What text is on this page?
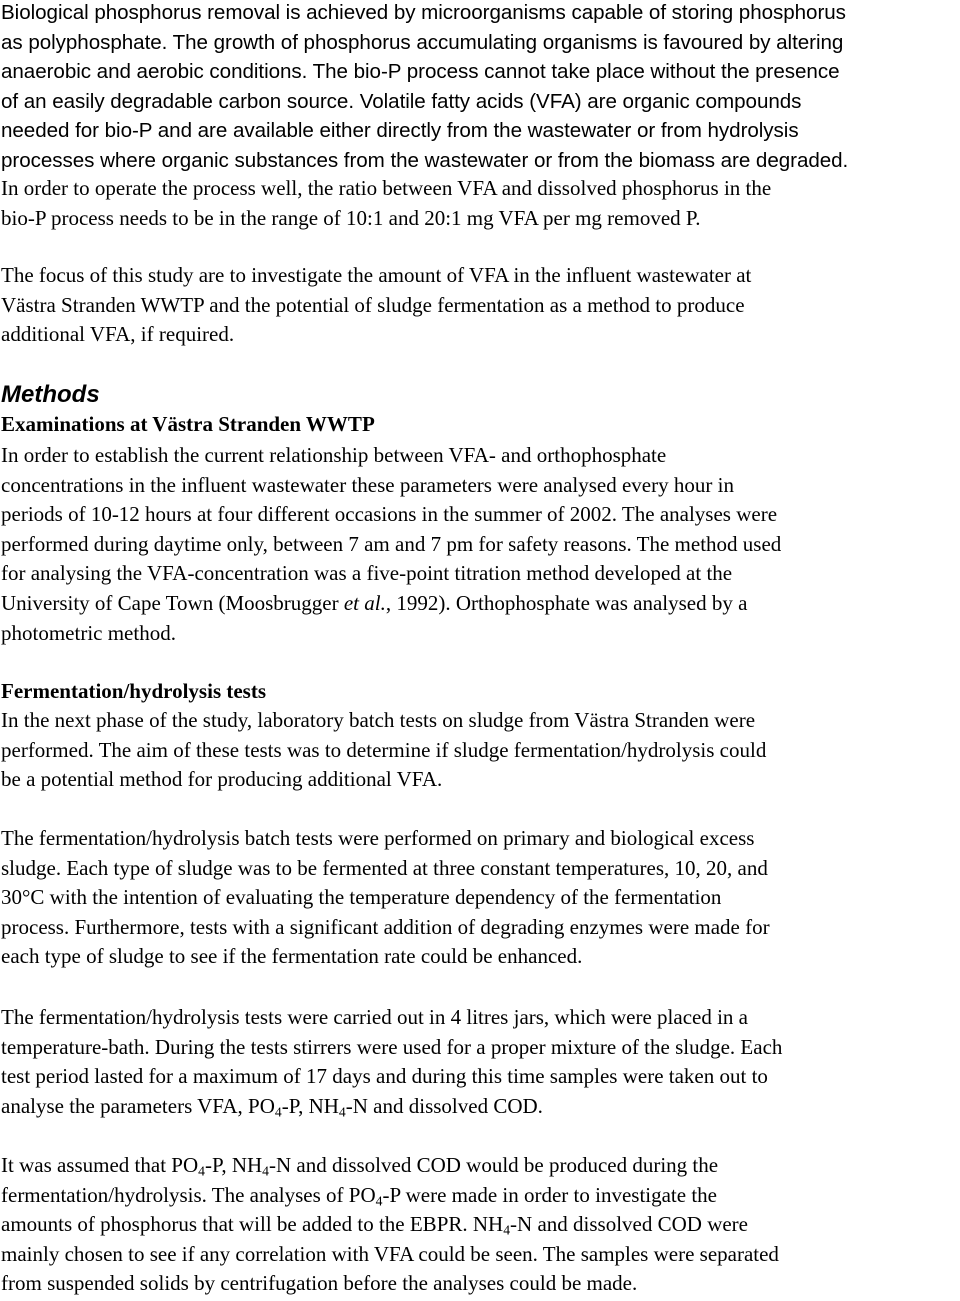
Biological phosphorus removal is achieved by microorganisms capable of storing phosphorus
as polyphosphate. The growth of phosphorus accumulating organisms is favoured by altering
anaerobic and aerobic conditions. The bio-P process cannot take place without the presence
of an easily degradable carbon source. Volatile fatty acids (VFA) are organic compounds
needed for bio-P and are available either directly from the wastewater or from hydrolysis
processes where organic substances from the wastewater or from the biomass are degraded.

In order to operate the process well, the ratio between VFA and dissolved phosphorus in the
bio-P process needs to be in the range of 10:1 and 20:1 mg VFA per mg removed P.

The focus of this study are to investigate the amount of VFA in the influent wastewater at
Västra Stranden WWTP and the potential of sludge fermentation as a method to produce
additional VFA, if required.

Methods
Examinations at Västra Stranden WWTP

In order to establish the current relationship between VFA- and orthophosphate
concentrations in the influent wastewater these parameters were analysed every hour in
periods of 10-12 hours at four different occasions in the summer of 2002. The analyses were
performed during daytime only, between 7 am and 7 pm for safety reasons. The method used
for analysing the VFA-concentration was a five-point titration method developed at the
University of Cape Town (Moosbrugger et al., 1992). Orthophosphate was analysed by a
photometric method.

Fermentation/hydrolysis tests

In the next phase of the study, laboratory batch tests on sludge from Västra Stranden were
performed. The aim of these tests was to determine if sludge fermentation/hydrolysis could
be a potential method for producing additional VFA.

The fermentation/hydrolysis batch tests were performed on primary and biological excess
sludge. Each type of sludge was to be fermented at three constant temperatures, 10, 20, and
30°C with the intention of evaluating the temperature dependency of the fermentation
process. Furthermore, tests with a significant addition of degrading enzymes were made for
each type of sludge to see if the fermentation rate could be enhanced.

The fermentation/hydrolysis tests were carried out in 4 litres jars, which were placed in a
temperature-bath. During the tests stirrers were used for a proper mixture of the sludge. Each
test period lasted for a maximum of 17 days and during this time samples were taken out to
analyse the parameters VFA, $PO_4-P$, $NH_4-N$ and dissolved COD.

It was assumed that $PO_4-P$, $NH_4-N$ and dissolved COD would be produced during the
fermentation/hydrolysis. The analyses of $PO_4-P$ were made in order to investigate the
amounts of phosphorus that will be added to the EBPR. $NH_4-N$ and dissolved COD were
mainly chosen to see if any correlation with VFA could be seen. The samples were separated
from suspended solids by centrifugation before the analyses could be made.
